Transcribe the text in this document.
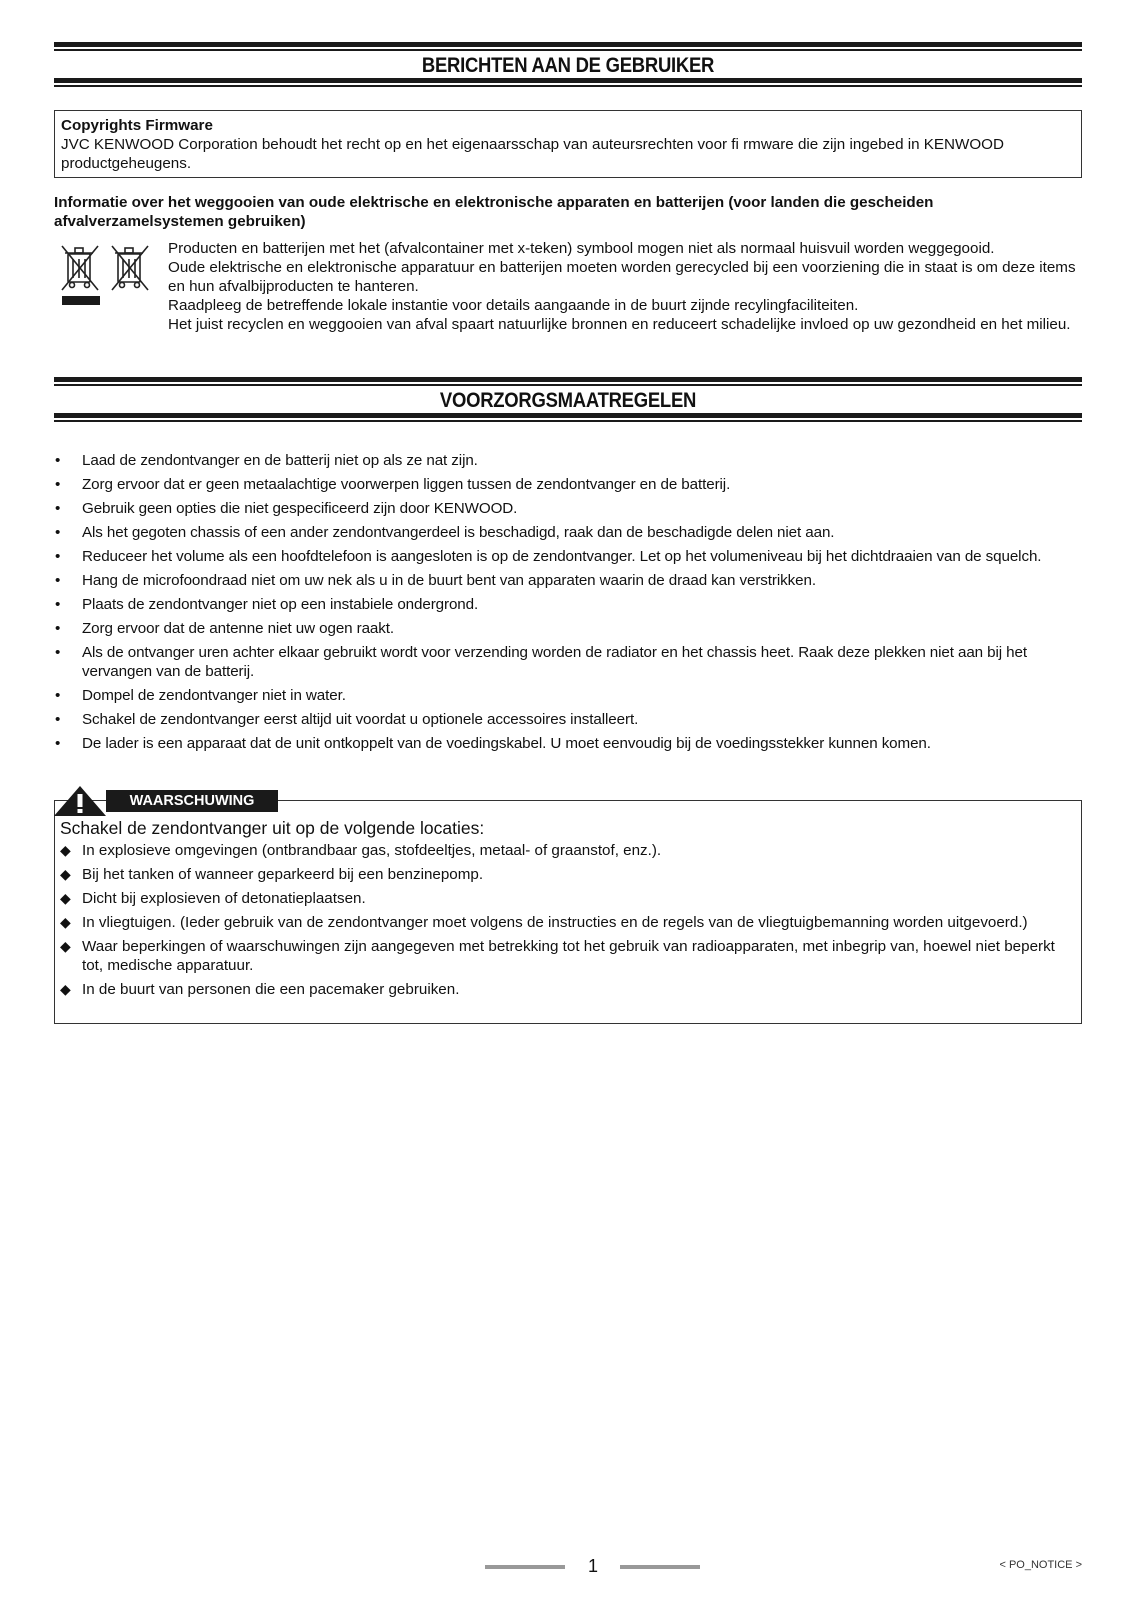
BERICHTEN AAN DE GEBRUIKER
Copyrights Firmware
JVC KENWOOD Corporation behoudt het recht op en het eigenaarsschap van auteursrechten voor fi rmware die zijn ingebed in KENWOOD productgeheugens.
Informatie over het weggooien van oude elektrische en elektronische apparaten en batterijen (voor landen die gescheiden afvalverzamelsystemen gebruiken)
Producten en batterijen met het (afvalcontainer met x-teken) symbool mogen niet als normaal huisvuil worden weggegooid.
Oude elektrische en elektronische apparatuur en batterijen moeten worden gerecycled bij een voorziening die in staat is om deze items en hun afvalbijproducten te hanteren.
Raadpleeg de betreffende lokale instantie voor details aangaande in de buurt zijnde recylingfaciliteiten.
Het juist recyclen en weggooien van afval spaart natuurlijke bronnen en reduceert schadelijke invloed op uw gezondheid en het milieu.
VOORZORGSMAATREGELEN
• Laad de zendontvanger en de batterij niet op als ze nat zijn.
• Zorg ervoor dat er geen metaalachtige voorwerpen liggen tussen de zendontvanger en de batterij.
• Gebruik geen opties die niet gespecificeerd zijn door KENWOOD.
• Als het gegoten chassis of een ander zendontvangerdeel is beschadigd, raak dan de beschadigde delen niet aan.
• Reduceer het volume als een hoofdtelefoon is aangesloten is op de zendontvanger. Let op het volumeniveau bij het dichtdraaien van de squelch.
• Hang de microfoondraad niet om uw nek als u in de buurt bent van apparaten waarin de draad kan verstrikken.
• Plaats de zendontvanger niet op een instabiele ondergrond.
• Zorg ervoor dat de antenne niet uw ogen raakt.
• Als de ontvanger uren achter elkaar gebruikt wordt voor verzending worden de radiator en het chassis heet. Raak deze plekken niet aan bij het vervangen van de batterij.
• Dompel de zendontvanger niet in water.
• Schakel de zendontvanger eerst altijd uit voordat u optionele accessoires installeert.
• De lader is een apparaat dat de unit ontkoppelt van de voedingskabel. U moet eenvoudig bij de voedingsstekker kunnen komen.
WAARSCHUWING
Schakel de zendontvanger uit op de volgende locaties:
◆ In explosieve omgevingen (ontbrandbaar gas, stofdeeltjes, metaal- of graanstof, enz.).
◆ Bij het tanken of wanneer geparkeerd bij een benzinepomp.
◆ Dicht bij explosieven of detonatieplaatsen.
◆ In vliegtuigen. (Ieder gebruik van de zendontvanger moet volgens de instructies en de regels van de vliegtuigbemanning worden uitgevoerd.)
◆ Waar beperkingen of waarschuwingen zijn aangegeven met betrekking tot het gebruik van radioapparaten, met inbegrip van, hoewel niet beperkt tot, medische apparatuur.
◆ In de buurt van personen die een pacemaker gebruiken.
1	< PO_NOTICE >
